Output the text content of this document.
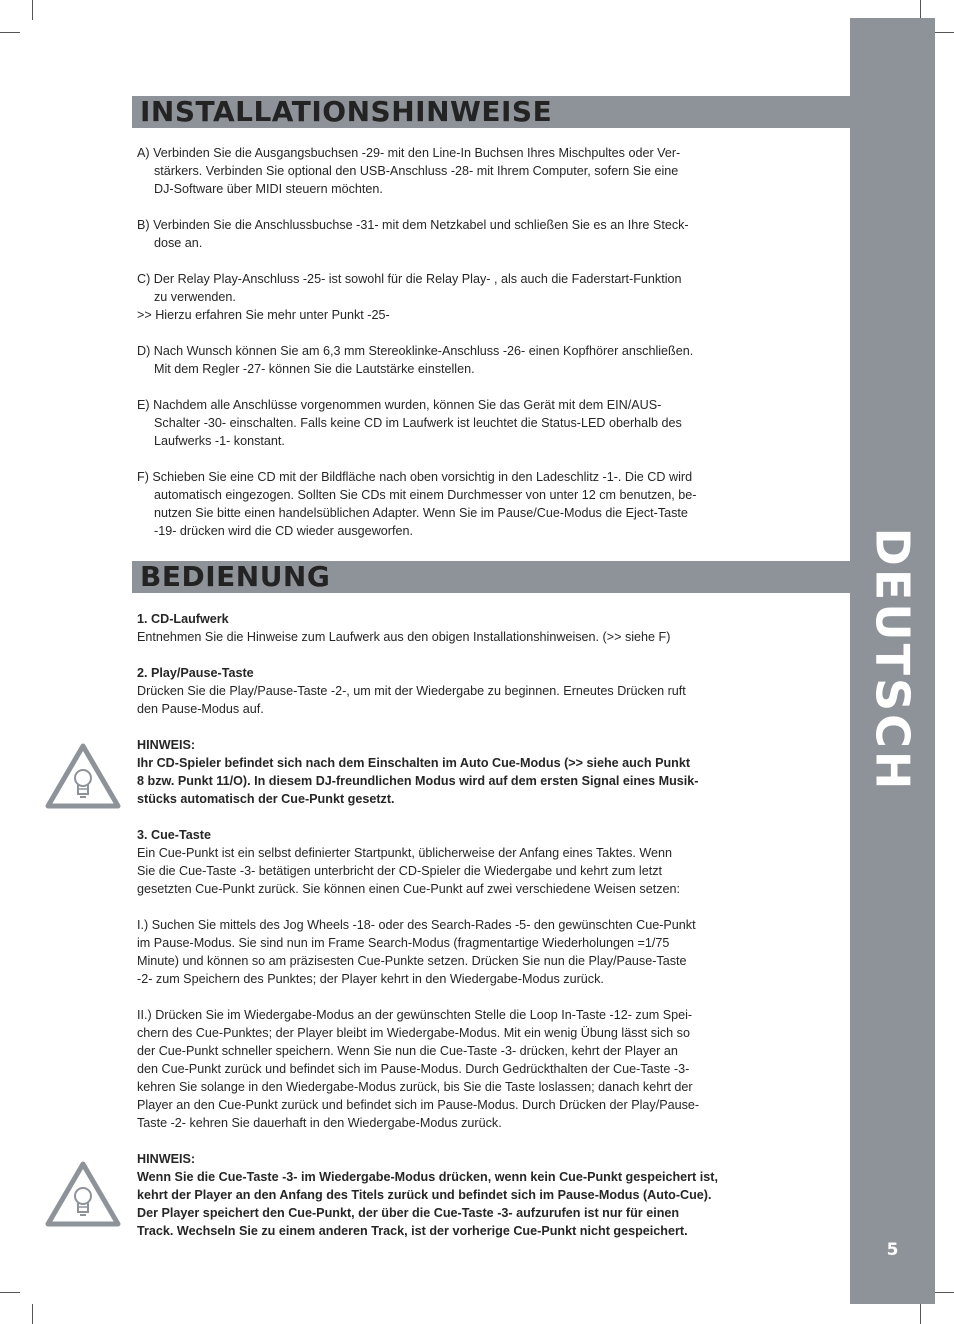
DEUTSCH
5
INSTALLATIONSHINWEISE

A) Verbinden Sie die Ausgangsbuchsen -29- mit den Line-In Buchsen Ihres Mischpultes oder Ver-

stärkers. Verbinden Sie optional den USB-Anschluss -28- mit Ihrem Computer, sofern Sie eine

DJ-Software über MIDI steuern möchten.

B) Verbinden Sie die Anschlussbuchse -31- mit dem Netzkabel und schließen Sie es an Ihre Steck-

dose an.

C) Der Relay Play-Anschluss -25- ist sowohl für die Relay Play- , als auch die Faderstart-Funktion

zu verwenden.

>> Hierzu erfahren Sie mehr unter Punkt -25-

D) Nach Wunsch können Sie am 6,3 mm Stereoklinke-Anschluss -26- einen Kopfhörer anschließen.

Mit dem Regler -27- können Sie die Lautstärke einstellen.

E) Nachdem alle Anschlüsse vorgenommen wurden, können Sie das Gerät mit dem EIN/AUS-

Schalter -30- einschalten. Falls keine CD im Laufwerk ist leuchtet die Status-LED oberhalb des

Laufwerks -1- konstant.

F) Schieben Sie eine CD mit der Bildfläche nach oben vorsichtig in den Ladeschlitz -1-. Die CD wird

automatisch eingezogen. Sollten Sie CDs mit einem Durchmesser von unter 12 cm benutzen, be-

nutzen Sie bitte einen handelsüblichen Adapter. Wenn Sie im Pause/Cue-Modus die Eject-Taste

-19- drücken wird die CD wieder ausgeworfen.

BEDIENUNG

1. CD-Laufwerk

Entnehmen Sie die Hinweise zum Laufwerk aus den obigen Installationshinweisen. (>> siehe F)

2. Play/Pause-Taste

Drücken Sie die Play/Pause-Taste -2-, um mit der Wiedergabe zu beginnen. Erneutes Drücken ruft

den Pause-Modus auf.

HINWEIS:

Ihr CD-Spieler befindet sich nach dem Einschalten im Auto Cue-Modus (>> siehe auch Punkt

8 bzw. Punkt 11/O). In diesem DJ-freundlichen Modus wird auf dem ersten Signal eines Musik-

stücks automatisch der Cue-Punkt gesetzt.

3. Cue-Taste

Ein Cue-Punkt ist ein selbst definierter Startpunkt, üblicherweise der Anfang eines Taktes. Wenn

Sie die Cue-Taste -3- betätigen unterbricht der CD-Spieler die Wiedergabe und kehrt zum letzt

gesetzten Cue-Punkt zurück. Sie können einen Cue-Punkt auf zwei verschiedene Weisen setzen:

I.) Suchen Sie mittels des Jog Wheels -18- oder des Search-Rades -5- den gewünschten Cue-Punkt

im Pause-Modus. Sie sind nun im Frame Search-Modus (fragmentartige Wiederholungen =1/75

Minute) und können so am präzisesten Cue-Punkte setzen. Drücken Sie nun die Play/Pause-Taste

-2- zum Speichern des Punktes; der Player kehrt in den Wiedergabe-Modus zurück.

II.) Drücken Sie im Wiedergabe-Modus an der gewünschten Stelle die Loop In-Taste -12- zum Spei-

chern des Cue-Punktes; der Player bleibt im Wiedergabe-Modus. Mit ein wenig Übung lässt sich so

der Cue-Punkt schneller speichern. Wenn Sie nun die Cue-Taste -3- drücken, kehrt der Player an

den Cue-Punkt zurück und befindet sich im Pause-Modus. Durch Gedrückthalten der Cue-Taste -3-

kehren Sie solange in den Wiedergabe-Modus zurück, bis Sie die Taste loslassen; danach kehrt der

Player an den Cue-Punkt zurück und befindet sich im Pause-Modus. Durch Drücken der Play/Pause-

Taste -2- kehren Sie dauerhaft in den Wiedergabe-Modus zurück.

HINWEIS:

Wenn Sie die Cue-Taste -3- im Wiedergabe-Modus drücken, wenn kein Cue-Punkt gespeichert ist,

kehrt der Player an den Anfang des Titels zurück und befindet sich im Pause-Modus (Auto-Cue).

Der Player speichert den Cue-Punkt, der über die Cue-Taste -3- aufzurufen ist nur für einen

Track. Wechseln Sie zu einem anderen Track, ist der vorherige Cue-Punkt nicht gespeichert.
